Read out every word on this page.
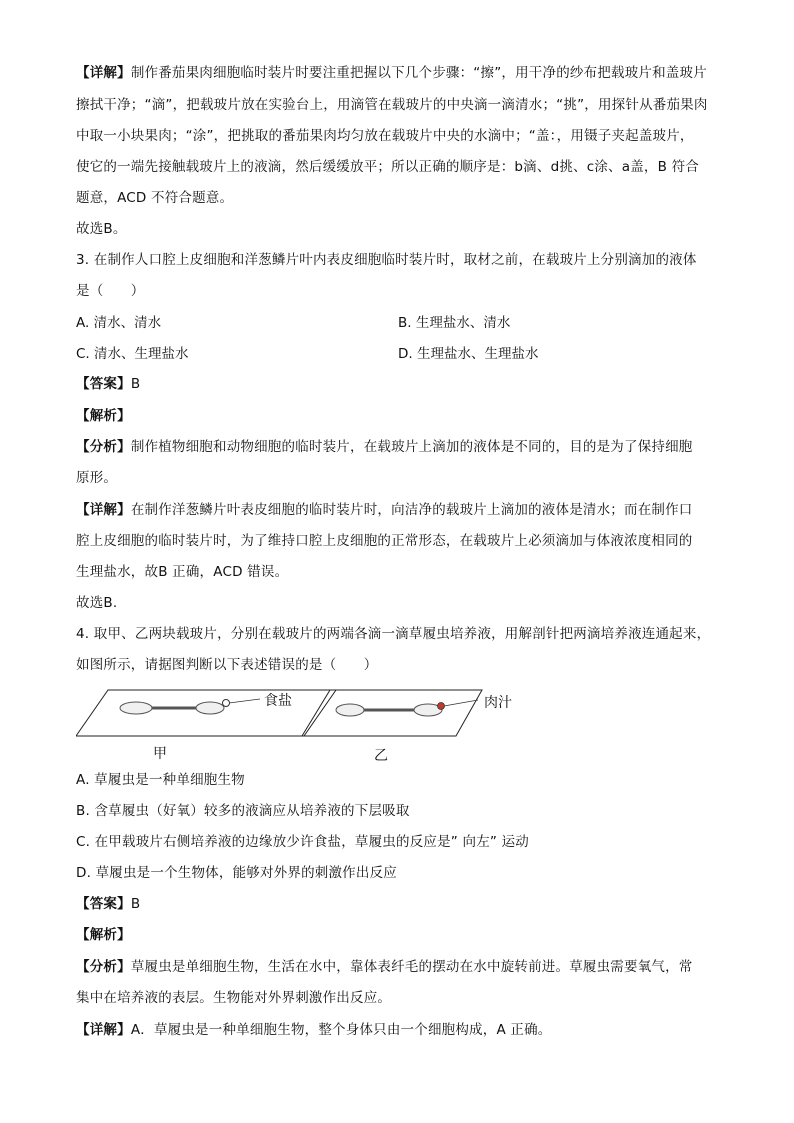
【详解】制作番茄果肉细胞临时装片时要注重把握以下几个步骤：“擦”，用干净的纱布把载玻片和盖玻片
擦拭干净；“滴”，把载玻片放在实验台上，用滴管在载玻片的中央滴一滴清水；“挑”，用探针从番茄果肉
中取一小块果肉；“涂”，把挑取的番茄果肉均匀放在载玻片中央的水滴中；“盖：，用镊子夹起盖玻片，
使它的一端先接触载玻片上的液滴，然后缓缓放平；所以正确的顺序是：b滴、d挑、c涂、a盖，B 符合
题意，ACD 不符合题意。
故选B。
3. 在制作人口腔上皮细胞和洋葱鳞片叶内表皮细胞临时装片时，取材之前，在载玻片上分别滴加的液体
是（　　）
A. 清水、清水	B. 生理盐水、清水
C. 清水、生理盐水	D. 生理盐水、生理盐水
【答案】B
【解析】
【分析】制作植物细胞和动物细胞的临时装片，在载玻片上滴加的液体是不同的，目的是为了保持细胞
原形。
【详解】在制作洋葱鳞片叶表皮细胞的临时装片时，向洁净的载玻片上滴加的液体是清水；而在制作口
腔上皮细胞的临时装片时，为了维持口腔上皮细胞的正常形态，在载玻片上必须滴加与体液浓度相同的
生理盐水，故B 正确，ACD 错误。
故选B.
4. 取甲、乙两块载玻片，分别在载玻片的两端各滴一滴草履虫培养液，用解剖针把两滴培养液连通起来，
如图所示，请据图判断以下表述错误的是（　　）
食盐	肉汁
甲	乙
A. 草履虫是一种单细胞生物
B. 含草履虫（好氧）较多的液滴应从培养液的下层吸取
C. 在甲载玻片右侧培养液的边缘放少许食盐，草履虫的反应是” 向左” 运动
D. 草履虫是一个生物体，能够对外界的刺激作出反应
【答案】B
【解析】
【分析】草履虫是单细胞生物，生活在水中，靠体表纤毛的摆动在水中旋转前进。草履虫需要氧气，常
集中在培养液的表层。生物能对外界刺激作出反应。
【详解】A．草履虫是一种单细胞生物，整个身体只由一个细胞构成，A 正确。
